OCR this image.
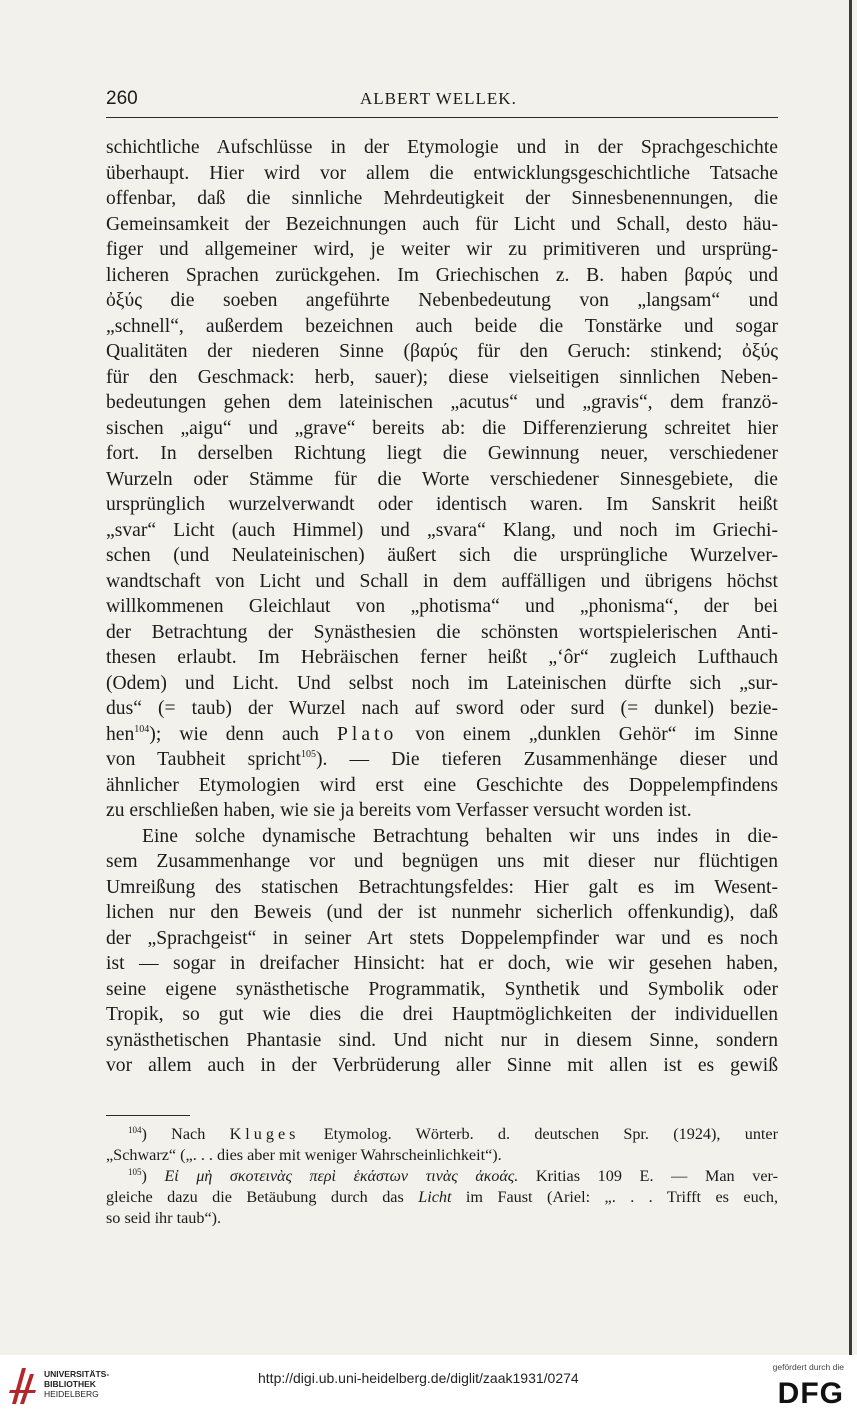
260	ALBERT WELLEK.
schichtliche Aufschlüsse in der Etymologie und in der Sprachgeschichte
überhaupt. Hier wird vor allem die entwicklungsgeschichtliche Tatsache
offenbar, daß die sinnliche Mehrdeutigkeit der Sinnesbenennungen, die
Gemeinsamkeit der Bezeichnungen auch für Licht und Schall, desto häu-
figer und allgemeiner wird, je weiter wir zu primitiveren und ursprüng-
licheren Sprachen zurückgehen. Im Griechischen z. B. haben βαρύς und
ὀξύς die soeben angeführte Nebenbedeutung von „langsam“ und
„schnell“, außerdem bezeichnen auch beide die Tonstärke und sogar
Qualitäten der niederen Sinne (βαρύς für den Geruch: stinkend; ὀξύς
für den Geschmack: herb, sauer); diese vielseitigen sinnlichen Neben-
bedeutungen gehen dem lateinischen „acutus“ und „gravis“, dem franzö-
sischen „aigu“ und „grave“ bereits ab: die Differenzierung schreitet hier
fort. In derselben Richtung liegt die Gewinnung neuer, verschiedener
Wurzeln oder Stämme für die Worte verschiedener Sinnesgebiete, die
ursprünglich wurzelverwandt oder identisch waren. Im Sanskrit heißt
„svar“ Licht (auch Himmel) und „svara“ Klang, und noch im Griechi-
schen (und Neulateinischen) äußert sich die ursprüngliche Wurzelver-
wandtschaft von Licht und Schall in dem auffälligen und übrigens höchst
willkommenen Gleichlaut von „photisma“ und „phonisma“, der bei
der Betrachtung der Synästhesien die schönsten wortspielerischen Anti-
thesen erlaubt. Im Hebräischen ferner heißt „‘ôr“ zugleich Lufthauch
(Odem) und Licht. Und selbst noch im Lateinischen dürfte sich „sur-
dus“ (= taub) der Wurzel nach auf sword oder surd (= dunkel) bezie-
hen$^{104}$); wie denn auch Plato von einem „dunklen Gehör“ im Sinne
von Taubheit spricht$^{105}$). — Die tieferen Zusammenhänge dieser und
ähnlicher Etymologien wird erst eine Geschichte des Doppelempfindens
zu erschließen haben, wie sie ja bereits vom Verfasser versucht worden ist.
Eine solche dynamische Betrachtung behalten wir uns indes in die-
sem Zusammenhange vor und begnügen uns mit dieser nur flüchtigen
Umreißung des statischen Betrachtungsfeldes: Hier galt es im Wesent-
lichen nur den Beweis (und der ist nunmehr sicherlich offenkundig), daß
der „Sprachgeist“ in seiner Art stets Doppelempfinder war und es noch
ist — sogar in dreifacher Hinsicht: hat er doch, wie wir gesehen haben,
seine eigene synästhetische Programmatik, Synthetik und Symbolik oder
Tropik, so gut wie dies die drei Hauptmöglichkeiten der individuellen
synästhetischen Phantasie sind. Und nicht nur in diesem Sinne, sondern
vor allem auch in der Verbrüderung aller Sinne mit allen ist es gewiß
$^{104}$) Nach Kluges Etymolog. Wörterb. d. deutschen Spr. (1924), unter
„Schwarz“ („. . . dies aber mit weniger Wahrscheinlichkeit“).
$^{105}$) Εἰ μὴ σκοτεινὰς περὶ ἑκάστων τινὰς ἀκοάς. Kritias 109 E. — Man ver-
gleiche dazu die Betäubung durch das Licht im Faust (Ariel: „. . . Trifft es euch,
so seid ihr taub“).
UNIVERSITÄTS-
BIBLIOTHEK
HEIDELBERG
http://digi.ub.uni-heidelberg.de/diglit/zaak1931/0274
gefördert durch die
DFG
